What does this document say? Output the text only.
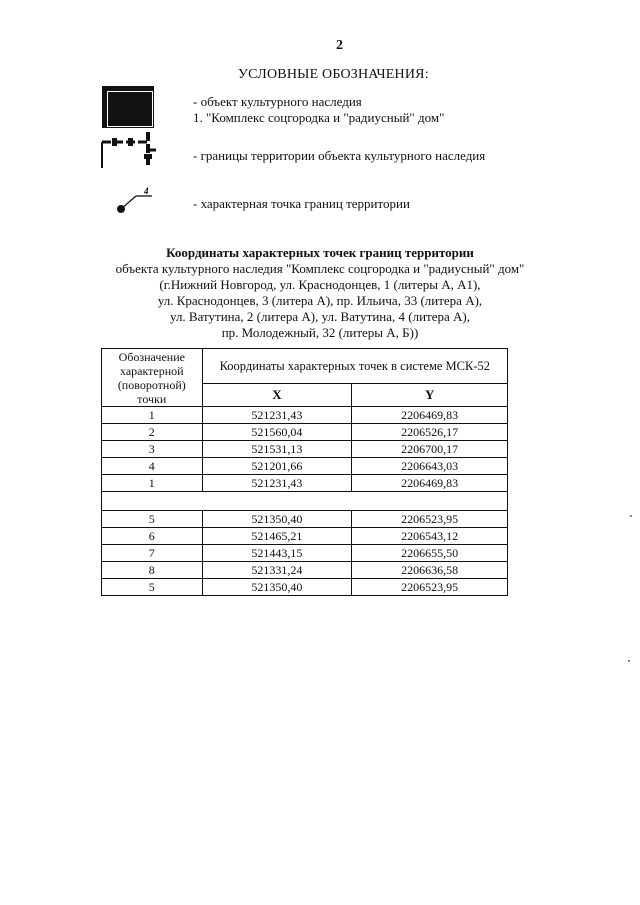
2
УСЛОВНЫЕ ОБОЗНАЧЕНИЯ:
- объект культурного наследия
1. "Комплекс соцгородка и "радиусный" дом"
- границы территории объекта культурного наследия
4
- характерная точка границ территории
Координаты характерных точек границ территории
объекта культурного наследия "Комплекс соцгородка и "радиусный" дом"
(г.Нижний Новгород, ул. Краснодонцев, 1 (литеры А, А1),
ул. Краснодонцев, 3 (литера А), пр. Ильича, 33 (литера А),
ул. Ватутина, 2 (литера А), ул. Ватутина, 4 (литера А),
пр. Молодежный, 32 (литеры А, Б))
Обозначение характерной (поворотной) точки	Координаты характерных точек в системе МСК-52	
	X	Y
1	521231,43	2206469,83
2	521560,04	2206526,17
3	521531,13	2206700,17
4	521201,66	2206643,03
1	521231,43	2206469,83

5	521350,40	2206523,95
6	521465,21	2206543,12
7	521443,15	2206655,50
8	521331,24	2206636,58
5	521350,40	2206523,95
